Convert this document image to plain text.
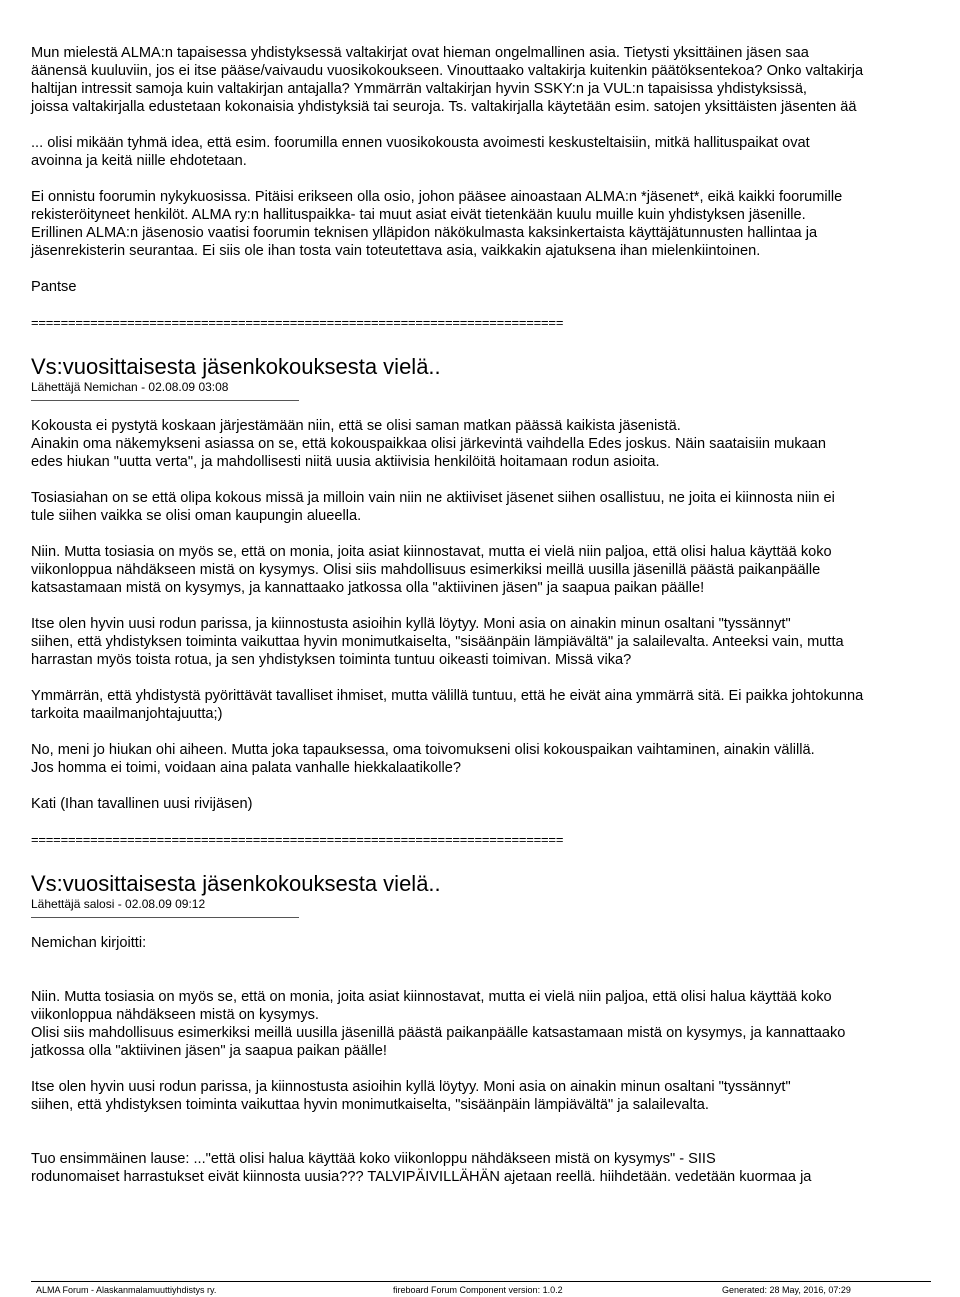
Mun mielestä ALMA:n tapaisessa yhdistyksessä valtakirjat ovat hieman ongelmallinen asia. Tietysti yksittäinen jäsen saa
äänensä kuuluviin, jos ei itse pääse/vaivaudu vuosikokoukseen. Vinouttaako valtakirja kuitenkin päätöksentekoa? Onko valtakirja
haltijan intressit samoja kuin valtakirjan antajalla? Ymmärrän valtakirjan hyvin SSKY:n ja VUL:n tapaisissa yhdistyksissä,
joissa valtakirjalla edustetaan kokonaisia yhdistyksiä tai seuroja. Ts. valtakirjalla käytetään esim. satojen yksittäisten jäsenten ää
... olisi mikään tyhmä idea, että esim. foorumilla ennen vuosikokousta avoimesti keskusteltaisiin, mitkä hallituspaikat ovat
avoinna ja keitä niille ehdotetaan.
Ei onnistu foorumin nykykuosissa. Pitäisi erikseen olla osio, johon pääsee ainoastaan ALMA:n *jäsenet*, eikä kaikki foorumille
rekisteröityneet henkilöt. ALMA ry:n hallituspaikka- tai muut asiat eivät tietenkään kuulu muille kuin yhdistyksen jäsenille.
Erillinen ALMA:n jäsenosio vaatisi foorumin teknisen ylläpidon näkökulmasta kaksinkertaista käyttäjätunnusten hallintaa ja
jäsenrekisterin seurantaa. Ei siis ole ihan tosta vain toteutettava asia, vaikkakin ajatuksena ihan mielenkiintoinen.
Pantse
========================================================================
Vs:vuosittaisesta jäsenkokouksesta vielä..
Lähettäjä Nemichan - 02.08.09 03:08
Kokousta ei pystytä koskaan järjestämään niin, että se olisi saman matkan päässä kaikista jäsenistä.
Ainakin oma näkemykseni asiassa on se, että kokouspaikkaa olisi järkevintä vaihdella Edes joskus. Näin saataisiin mukaan
edes hiukan "uutta verta", ja mahdollisesti niitä uusia aktiivisia henkilöitä hoitamaan rodun asioita.
Tosiasiahan on se että olipa kokous missä ja milloin vain niin ne aktiiviset jäsenet siihen osallistuu, ne joita ei kiinnosta niin ei
tule siihen vaikka se olisi oman kaupungin alueella.
Niin. Mutta tosiasia on myös se, että on monia, joita asiat kiinnostavat, mutta ei vielä niin paljoa, että olisi halua käyttää koko
viikonloppua nähdäkseen mistä on kysymys. Olisi siis mahdollisuus esimerkiksi meillä uusilla jäsenillä päästä paikanpäälle
katsastamaan mistä on kysymys, ja kannattaako jatkossa olla "aktiivinen jäsen" ja saapua paikan päälle!
Itse olen hyvin uusi rodun parissa, ja kiinnostusta asioihin kyllä löytyy. Moni asia on ainakin minun osaltani "tyssännyt"
siihen, että yhdistyksen toiminta vaikuttaa hyvin monimutkaiselta, "sisäänpäin lämpiävältä" ja salailevalta. Anteeksi vain, mutta
harrastan myös toista rotua, ja sen yhdistyksen toiminta tuntuu oikeasti toimivan. Missä vika?
Ymmärrän, että yhdistystä pyörittävät tavalliset ihmiset, mutta välillä tuntuu, että he eivät aina ymmärrä sitä. Ei paikka johtokunna
tarkoita maailmanjohtajuutta;)
No, meni jo hiukan ohi aiheen. Mutta joka tapauksessa, oma toivomukseni olisi kokouspaikan vaihtaminen, ainakin välillä.
Jos homma ei toimi, voidaan aina palata vanhalle hiekkalaatikolle?
Kati (Ihan tavallinen uusi rivijäsen)
========================================================================
Vs:vuosittaisesta jäsenkokouksesta vielä..
Lähettäjä salosi - 02.08.09 09:12
Nemichan kirjoitti:
Niin. Mutta tosiasia on myös se, että on monia, joita asiat kiinnostavat, mutta ei vielä niin paljoa, että olisi halua käyttää koko
viikonloppua nähdäkseen mistä on kysymys.
Olisi siis mahdollisuus esimerkiksi meillä uusilla jäsenillä päästä paikanpäälle katsastamaan mistä on kysymys, ja kannattaako
jatkossa olla "aktiivinen jäsen" ja saapua paikan päälle!
Itse olen hyvin uusi rodun parissa, ja kiinnostusta asioihin kyllä löytyy. Moni asia on ainakin minun osaltani "tyssännyt"
siihen, että yhdistyksen toiminta vaikuttaa hyvin monimutkaiselta, "sisäänpäin lämpiävältä" ja salailevalta.
Tuo ensimmäinen lause: ..."että olisi halua käyttää koko viikonloppu nähdäkseen mistä on kysymys" - SIIS
rodunomaiset harrastukset eivät kiinnosta uusia??? TALVIPÄIVILLÄHÄN ajetaan reellä. hiihdetään. vedetään kuormaa ja
ALMA Forum - Alaskanmalamuuttiyhdistys ry.	fireboard Forum Component version: 1.0.2	Generated: 28 May, 2016, 07:29
